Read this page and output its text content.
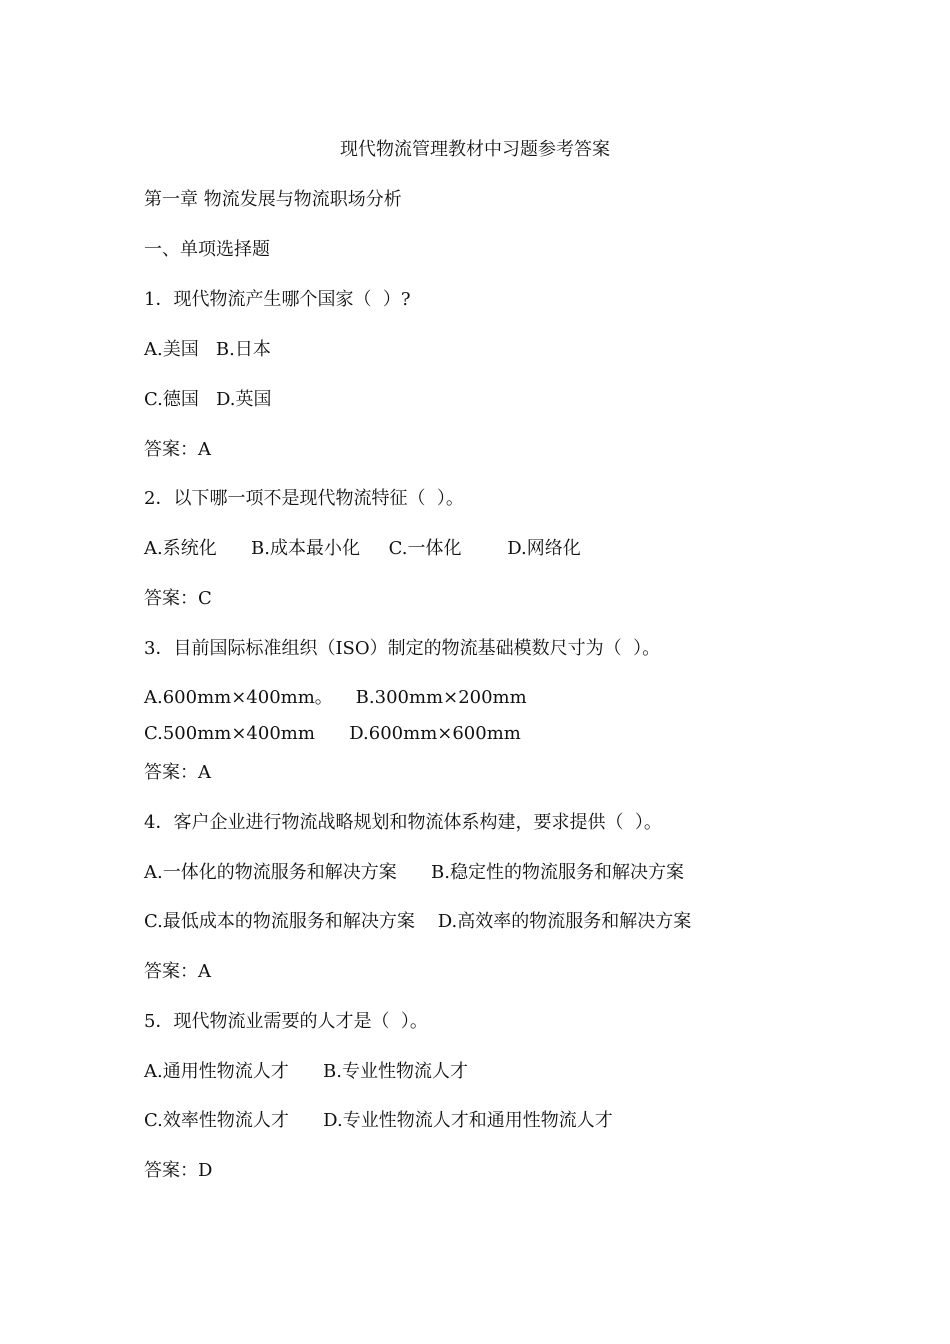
现代物流管理教材中习题参考答案
第一章 物流发展与物流职场分析
一、单项选择题
1．现代物流产生哪个国家（  ）?
A.美国   B.日本
C.德国   D.英国
答案：A
2．以下哪一项不是现代物流特征（  ）。
A.系统化      B.成本最小化     C.一体化        D.网络化
答案：C
3．目前国际标准组织（ISO）制定的物流基础模数尺寸为（  ）。
A.600mm×400mm。    B.300mm×200mm
C.500mm×400mm      D.600mm×600mm
答案：A
4．客户企业进行物流战略规划和物流体系构建，要求提供（  ）。
A.一体化的物流服务和解决方案      B.稳定性的物流服务和解决方案
C.最低成本的物流服务和解决方案    D.高效率的物流服务和解决方案
答案：A
5．现代物流业需要的人才是（  ）。
A.通用性物流人才      B.专业性物流人才
C.效率性物流人才      D.专业性物流人才和通用性物流人才
答案：D
